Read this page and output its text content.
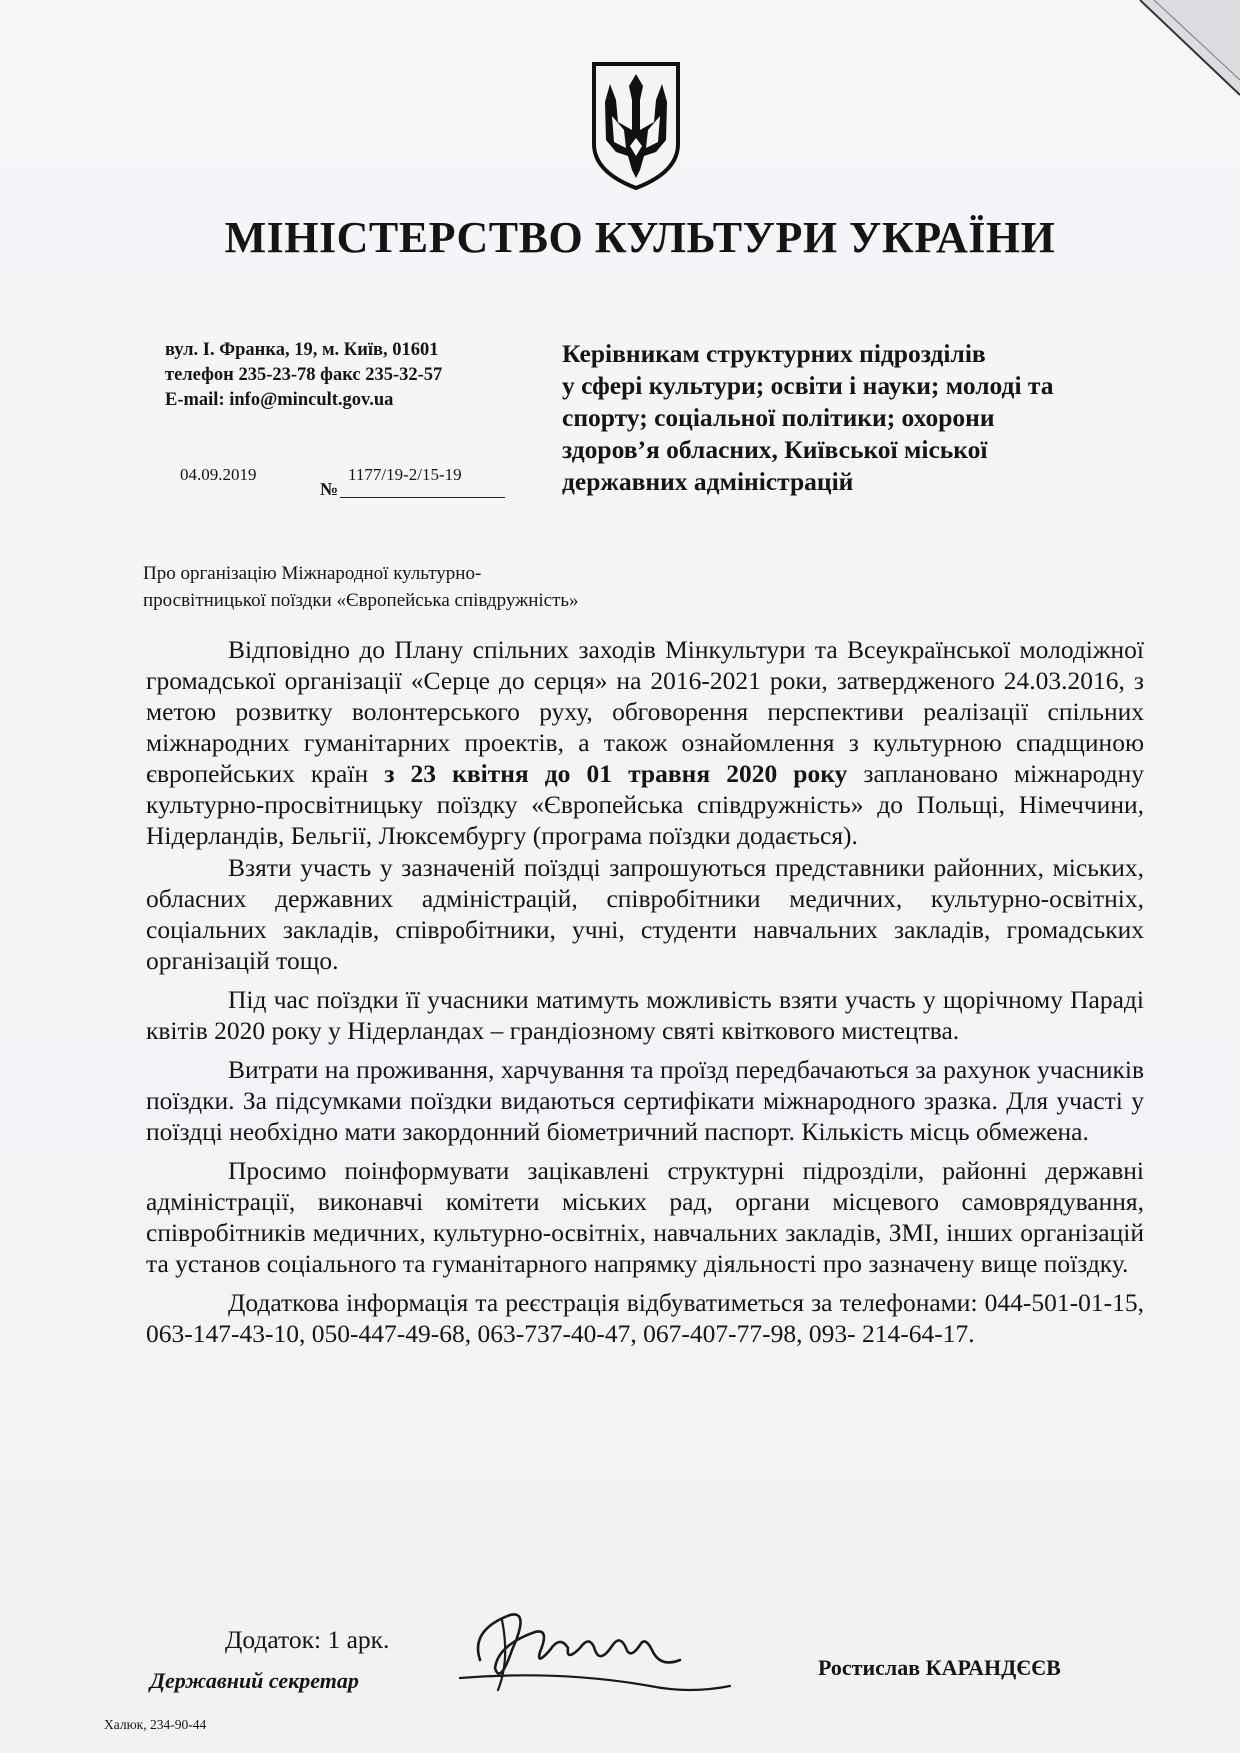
МІНІСТЕРСТВО КУЛЬТУРИ УКРАЇНИ
вул. І. Франка, 19, м. Київ, 01601
телефон 235-23-78 факс 235-32-57
E-mail: info@mincult.gov.ua
04.09.2019	1177/19-2/15-19
№
Керівникам структурних підрозділів
у сфері культури; освіти і науки; молоді та
спорту; соціальної політики; охорони
здоров’я обласних, Київської міської
державних адміністрацій
Про організацію Міжнародної культурно-
просвітницької поїздки «Європейська співдружність»

Відповідно до Плану спільних заходів Мінкультури та Всеукраїнської молодіжної громадської організації «Серце до серця» на 2016-2021 роки, затвердженого 24.03.2016, з метою розвитку волонтерського руху, обговорення перспективи реалізації спільних міжнародних гуманітарних проектів, а також ознайомлення з культурною спадщиною європейських країн з 23 квітня до 01 травня 2020 року заплановано міжнародну культурно-просвітницьку поїздку «Європейська співдружність» до Польщі, Німеччини, Нідерландів, Бельгії, Люксембургу (програма поїздки додається).

Взяти участь у зазначеній поїздці запрошуються представники районних, міських, обласних державних адміністрацій, співробітники медичних, культурно-освітніх, соціальних закладів, співробітники, учні, студенти навчальних закладів, громадських організацій тощо.

Під час поїздки її учасники матимуть можливість взяти участь у щорічному Параді квітів 2020 року у Нідерландах – грандіозному святі квіткового мистецтва.

Витрати на проживання, харчування та проїзд передбачаються за рахунок учасників поїздки. За підсумками поїздки видаються сертифікати міжнародного зразка. Для участі у поїздці необхідно мати закордонний біометричний паспорт. Кількість місць обмежена.

Просимо поінформувати зацікавлені структурні підрозділи, районні державні адміністрації, виконавчі комітети міських рад, органи місцевого самоврядування, співробітників медичних, культурно-освітніх, навчальних закладів, ЗМІ, інших організацій та установ соціального та гуманітарного напрямку діяльності про зазначену вище поїздку.

Додаткова інформація та реєстрація відбуватиметься за телефонами: 044-501-01-15, 063-147-43-10, 050-447-49-68, 063-737-40-47, 067-407-77-98, 093- 214-64-17.

Додаток: 1 арк.
Державний секретар
Ростислав КАРАНДЄЄВ
Халюк, 234-90-44
